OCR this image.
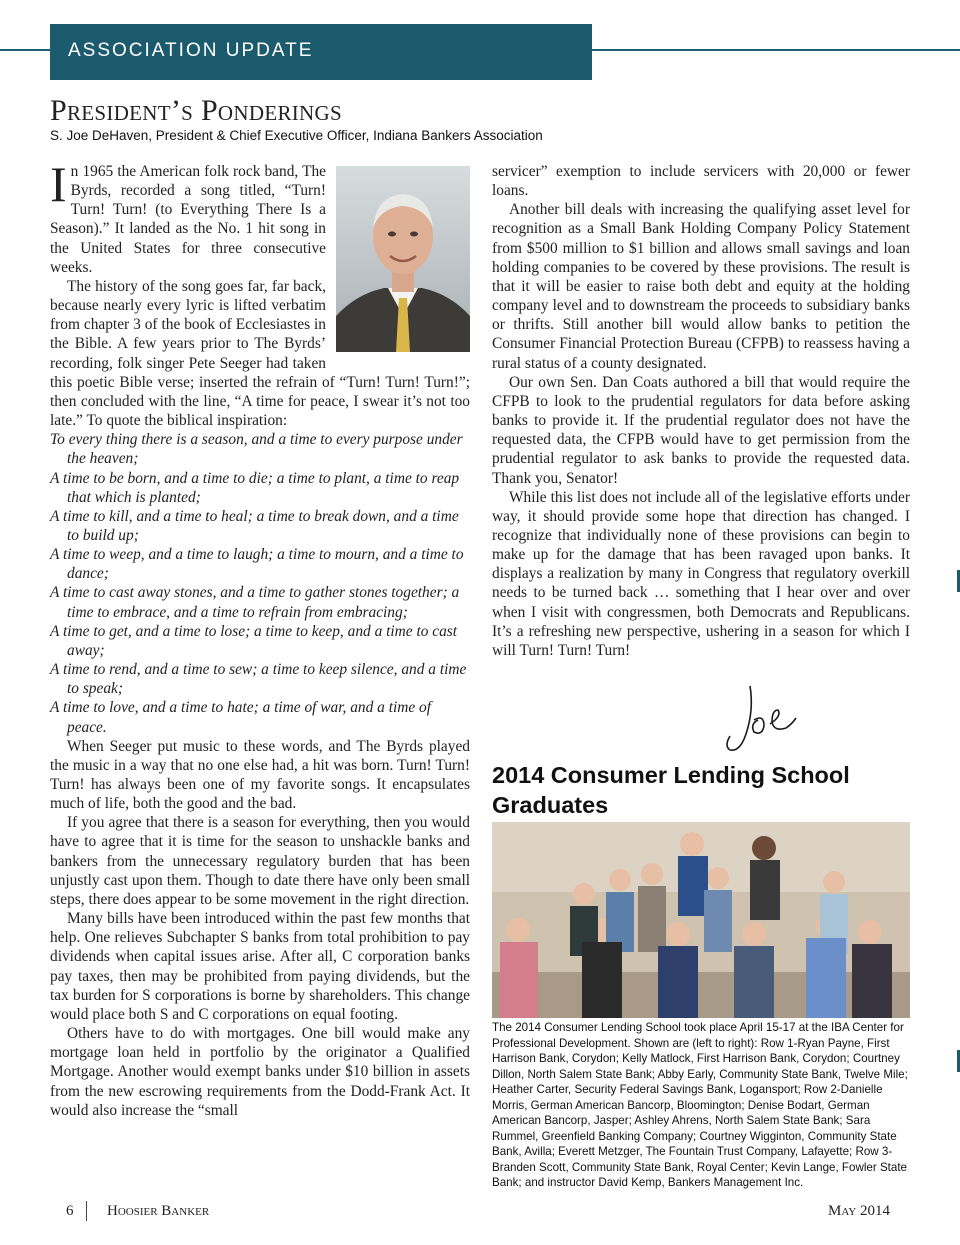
ASSOCIATION UPDATE
President’s Ponderings
S. Joe DeHaven, President & Chief Executive Officer, Indiana Bankers Association

In 1965 the American folk rock band, The Byrds, recorded a song titled, “Turn! Turn! Turn! (to Everything There Is a Season).” It landed as the No. 1 hit song in the United States for three consecutive weeks.

The history of the song goes far, far back, because nearly every lyric is lifted verbatim from chapter 3 of the book of Ecclesiastes in the Bible. A few years prior to The Byrds’ recording, folk singer Pete Seeger had taken this poetic Bible verse; inserted the refrain of “Turn! Turn! Turn!”; then concluded with the line, “A time for peace, I swear it’s not too late.” To quote the biblical inspiration:

To every thing there is a season, and a time to every purpose under the heaven;

A time to be born, and a time to die; a time to plant, a time to reap that which is planted;

A time to kill, and a time to heal; a time to break down, and a time to build up;

A time to weep, and a time to laugh; a time to mourn, and a time to dance;

A time to cast away stones, and a time to gather stones together; a time to embrace, and a time to refrain from embracing;

A time to get, and a time to lose; a time to keep, and a time to cast away;

A time to rend, and a time to sew; a time to keep silence, and a time to speak;

A time to love, and a time to hate; a time of war, and a time of peace.

When Seeger put music to these words, and The Byrds played the music in a way that no one else had, a hit was born. Turn! Turn! Turn! has always been one of my favorite songs. It encapsulates much of life, both the good and the bad.

If you agree that there is a season for everything, then you would have to agree that it is time for the season to unshackle banks and bankers from the unnecessary regulatory burden that has been unjustly cast upon them. Though to date there have only been small steps, there does appear to be some movement in the right direction.

Many bills have been introduced within the past few months that help. One relieves Subchapter S banks from total prohibition to pay dividends when capital issues arise. After all, C corporation banks pay taxes, then may be prohibited from paying dividends, but the tax burden for S corporations is borne by shareholders. This change would place both S and C corporations on equal footing.

Others have to do with mortgages. One bill would make any mortgage loan held in portfolio by the originator a Qualified Mortgage. Another would exempt banks under $10 billion in assets from the new escrowing requirements from the Dodd-Frank Act. It would also increase the “small

servicer” exemption to include servicers with 20,000 or fewer loans.

Another bill deals with increasing the qualifying asset level for recognition as a Small Bank Holding Company Policy Statement from $500 million to $1 billion and allows small savings and loan holding companies to be covered by these provisions. The result is that it will be easier to raise both debt and equity at the holding company level and to downstream the proceeds to subsidiary banks or thrifts. Still another bill would allow banks to petition the Consumer Financial Protection Bureau (CFPB) to reassess having a rural status of a county designated.

Our own Sen. Dan Coats authored a bill that would require the CFPB to look to the prudential regulators for data before asking banks to provide it. If the prudential regulator does not have the requested data, the CFPB would have to get permission from the prudential regulator to ask banks to provide the requested data. Thank you, Senator!

While this list does not include all of the legislative efforts under way, it should provide some hope that direction has changed. I recognize that individually none of these provisions can begin to make up for the damage that has been ravaged upon banks. It displays a realization by many in Congress that regulatory overkill needs to be turned back … something that I hear over and over when I visit with congressmen, both Democrats and Republicans. It’s a refreshing new perspective, ushering in a season for which I will Turn! Turn! Turn!

2014 Consumer Lending School Graduates
The 2014 Consumer Lending School took place April 15-17 at the IBA Center for Professional Development. Shown are (left to right): Row 1-Ryan Payne, First Harrison Bank, Corydon; Kelly Matlock, First Harrison Bank, Corydon; Courtney Dillon, North Salem State Bank; Abby Early, Community State Bank, Twelve Mile; Heather Carter, Security Federal Savings Bank, Logansport; Row 2-Danielle Morris, German American Bancorp, Bloomington; Denise Bodart, German American Bancorp, Jasper; Ashley Ahrens, North Salem State Bank; Sara Rummel, Greenfield Banking Company; Courtney Wigginton, Community State Bank, Avilla; Everett Metzger, The Fountain Trust Company, Lafayette; Row 3-Branden Scott, Community State Bank, Royal Center; Kevin Lange, Fowler State Bank; and instructor David Kemp, Bankers Management Inc.
6 Hoosier Banker	May 2014
